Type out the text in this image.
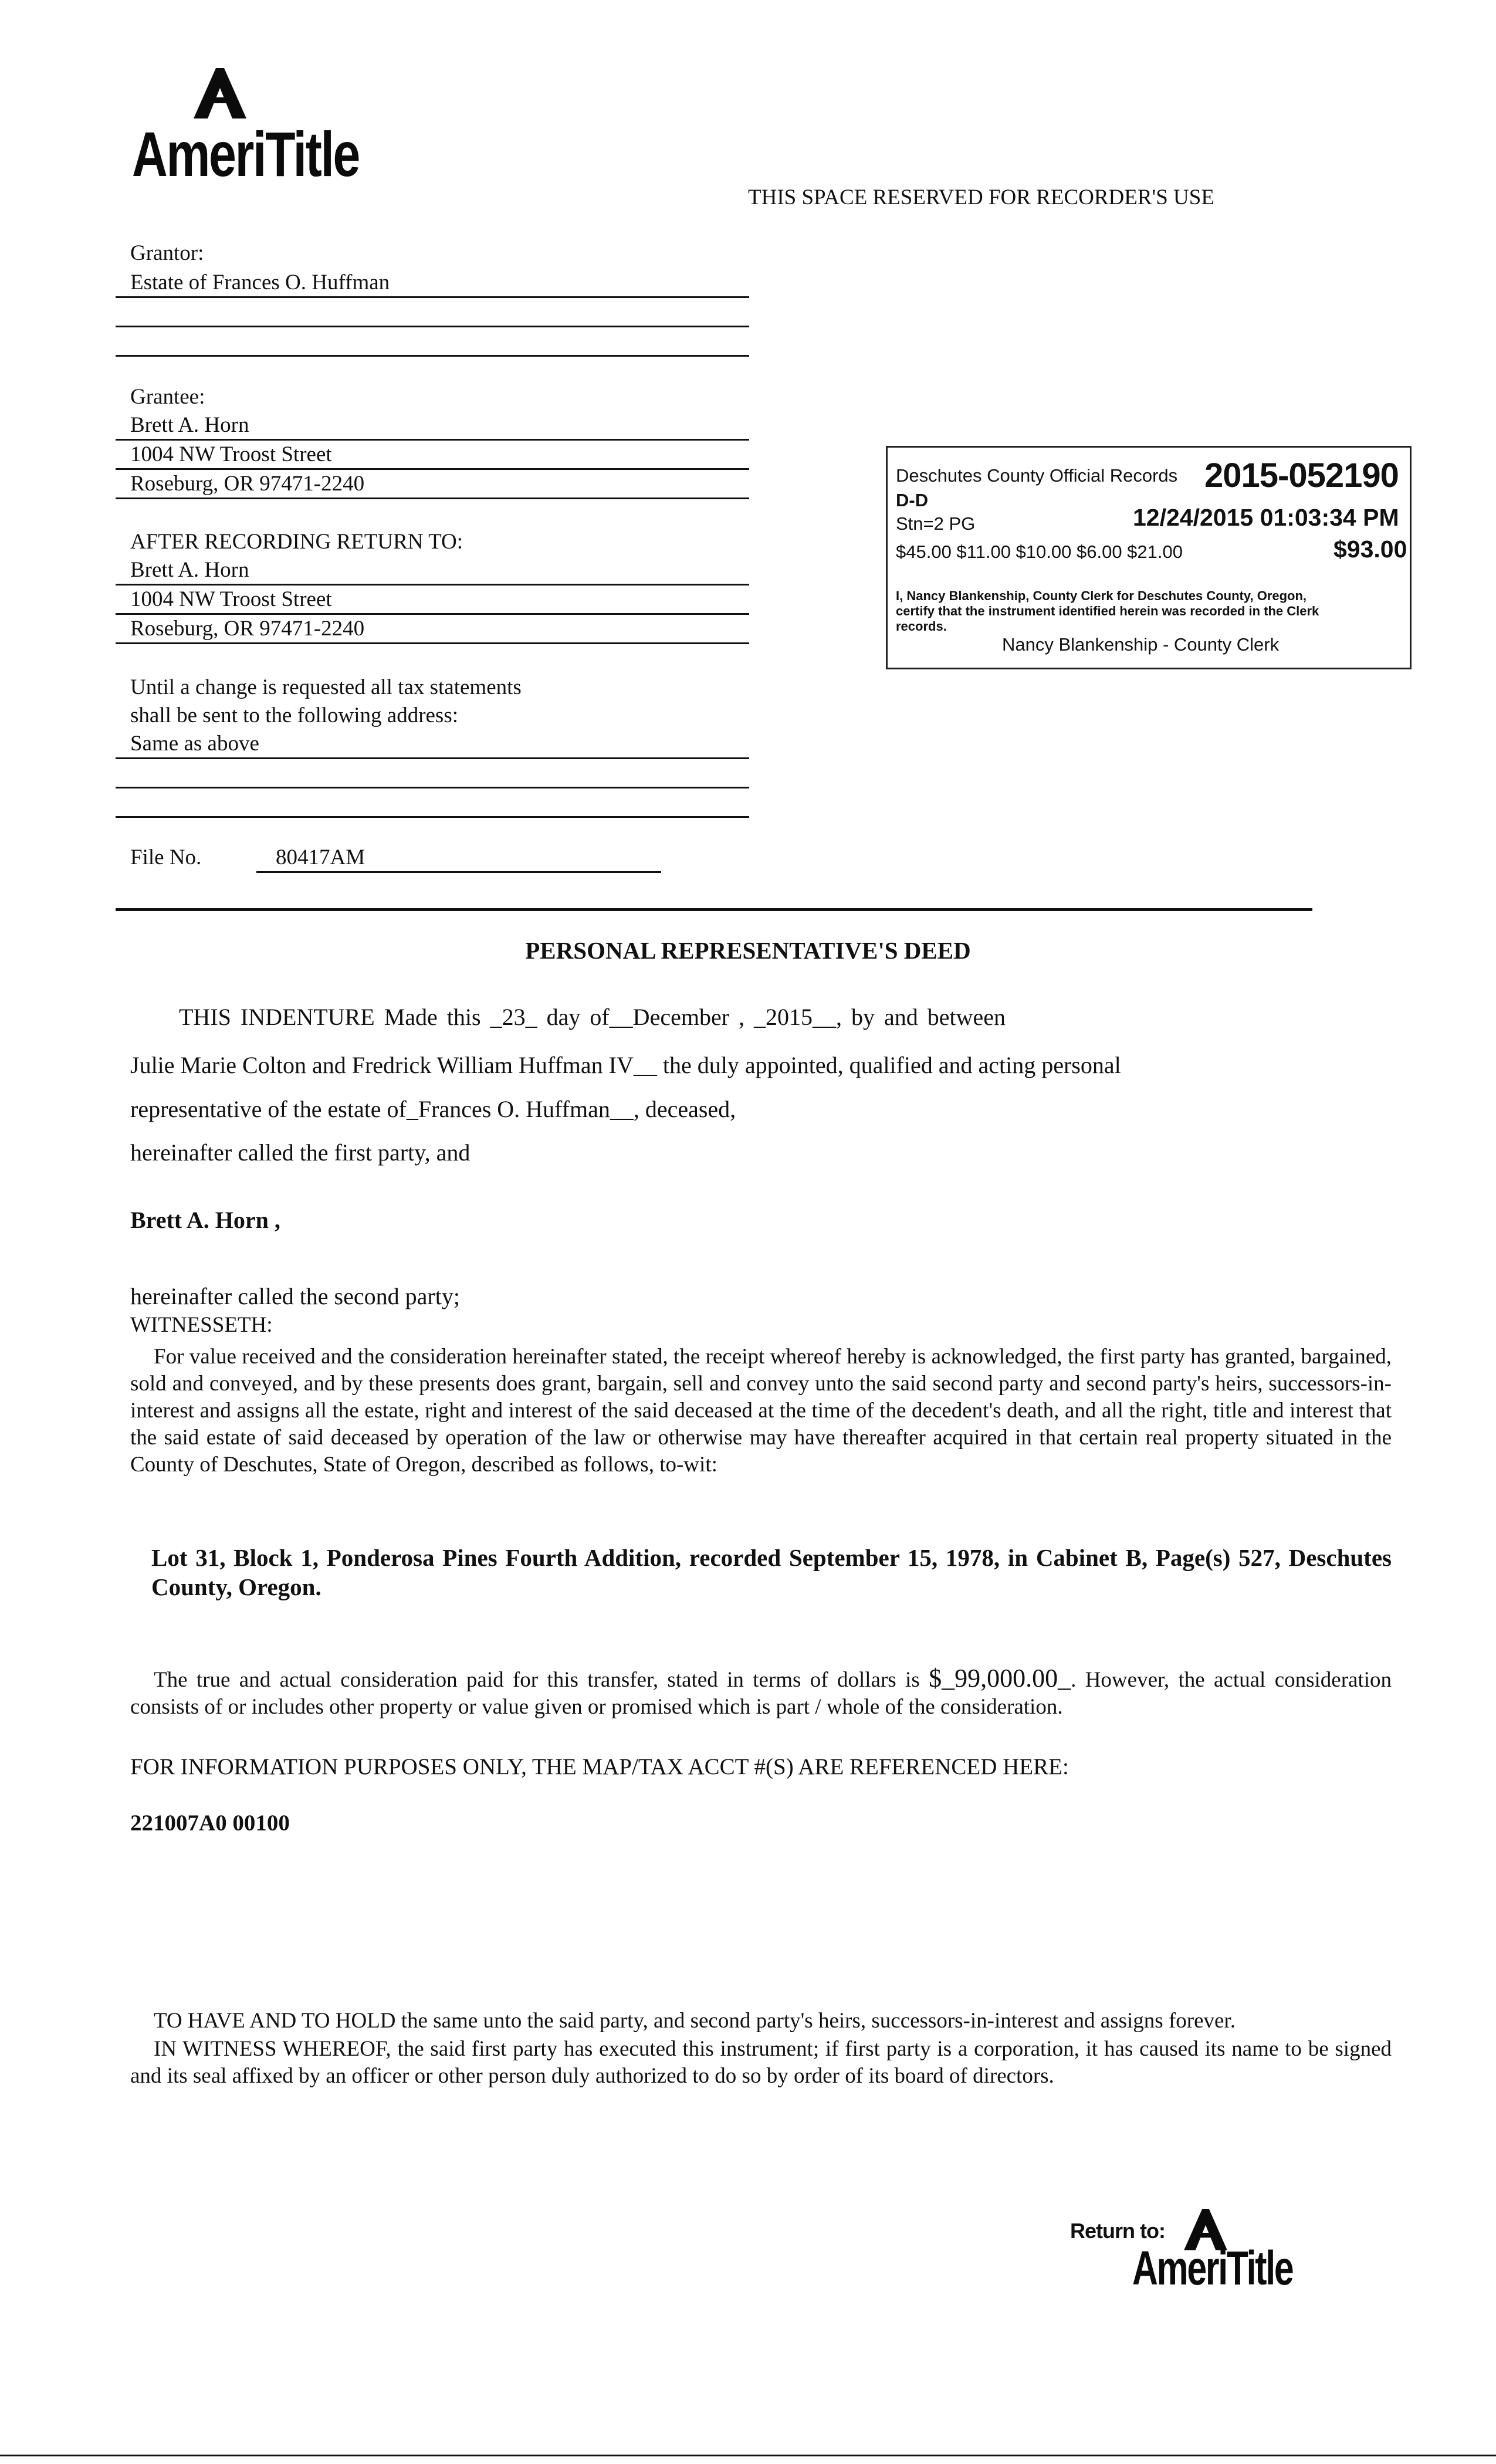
AmeriTitle
THIS SPACE RESERVED FOR RECORDER'S USE
Grantor:
Estate of Frances O. Huffman
Grantee:
Brett A. Horn
1004 NW Troost Street
Roseburg, OR 97471-2240
AFTER RECORDING RETURN TO:
Brett A. Horn
1004 NW Troost Street
Roseburg, OR 97471-2240
Until a change is requested all tax statements
shall be sent to the following address:
Same as above
File No.	80417AM
Deschutes County Official Records 2015-052190
D-D
Stn=2 PG	12/24/2015 01:03:34 PM
$45.00 $11.00 $10.00 $6.00 $21.00	$93.00
I, Nancy Blankenship, County Clerk for Deschutes County, Oregon,
certify that the instrument identified herein was recorded in the Clerk
records.
Nancy Blankenship - County Clerk
PERSONAL REPRESENTATIVE'S DEED
THIS INDENTURE Made this _23_ day of__December , _2015__, by and between
Julie Marie Colton and Fredrick William Huffman IV__ the duly appointed, qualified and acting personal
representative of the estate of_Frances O. Huffman__, deceased,
hereinafter called the first party, and
Brett A. Horn ,
hereinafter called the second party;
WITNESSETH:
For value received and the consideration hereinafter stated, the receipt whereof hereby is acknowledged, the first party has granted, bargained, sold and conveyed, and by these presents does grant, bargain, sell and convey unto the said second party and second party's heirs, successors-in-interest and assigns all the estate, right and interest of the said deceased at the time of the decedent's death, and all the right, title and interest that the said estate of said deceased by operation of the law or otherwise may have thereafter acquired in that certain real property situated in the County of Deschutes, State of Oregon, described as follows, to-wit:
Lot 31, Block 1, Ponderosa Pines Fourth Addition, recorded September 15, 1978, in Cabinet B, Page(s) 527, Deschutes County, Oregon.
The true and actual consideration paid for this transfer, stated in terms of dollars is $_99,000.00_. However, the actual consideration consists of or includes other property or value given or promised which is part / whole of the consideration.
FOR INFORMATION PURPOSES ONLY, THE MAP/TAX ACCT #(S) ARE REFERENCED HERE:
221007A0 00100
TO HAVE AND TO HOLD the same unto the said party, and second party's heirs, successors-in-interest and assigns forever.
IN WITNESS WHEREOF, the said first party has executed this instrument; if first party is a corporation, it has caused its name to be signed and its seal affixed by an officer or other person duly authorized to do so by order of its board of directors.
Return to:
AmeriTitle
